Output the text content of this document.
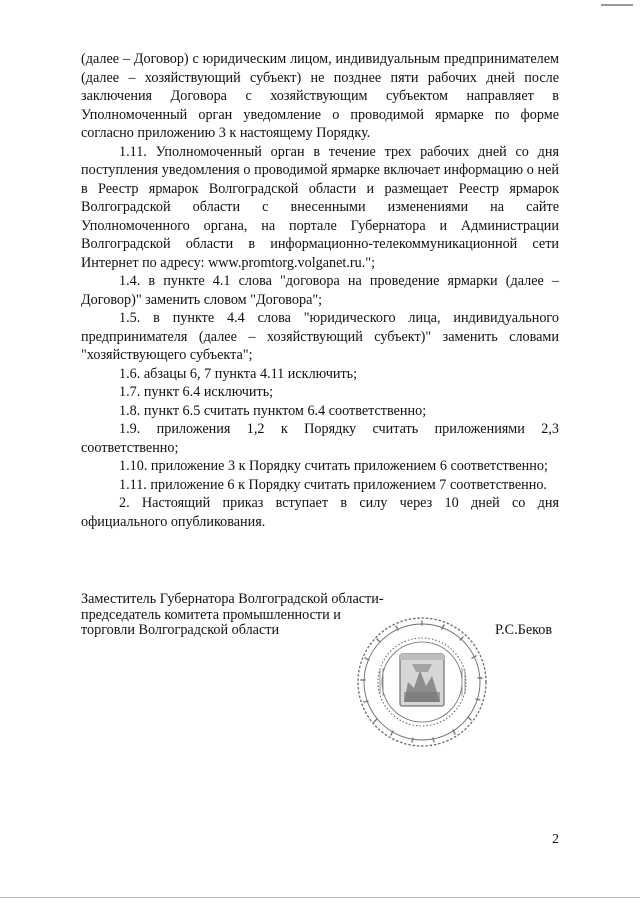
(далее – Договор) с юридическим лицом, индивидуальным предпринимателем (далее – хозяйствующий субъект) не позднее пяти рабочих дней после заключения Договора с хозяйствующим субъектом направляет в Уполномоченный орган уведомление о проводимой ярмарке по форме согласно приложению 3 к настоящему Порядку.

1.11. Уполномоченный орган в течение трех рабочих дней со дня поступления уведомления о проводимой ярмарке включает информацию о ней в Реестр ярмарок Волгоградской области и размещает Реестр ярмарок Волгоградской области с внесенными изменениями на сайте Уполномоченного органа, на портале Губернатора и Администрации Волгоградской области в информационно-телекоммуникационной сети Интернет по адресу: www.promtorg.volganet.ru.";

1.4. в пункте 4.1 слова "договора на проведение ярмарки (далее – Договор)" заменить словом "Договора";

1.5. в пункте 4.4 слова "юридического лица, индивидуального предпринимателя (далее – хозяйствующий субъект)" заменить словами "хозяйствующего субъекта";

1.6. абзацы 6, 7 пункта 4.11 исключить;

1.7. пункт 6.4 исключить;

1.8. пункт 6.5 считать пунктом 6.4 соответственно;

1.9. приложения 1,2 к Порядку считать приложениями 2,3 соответственно;

1.10. приложение 3 к Порядку считать приложением 6 соответственно;

1.11. приложение 6 к Порядку считать приложением 7 соответственно.

2. Настоящий приказ вступает в силу через 10 дней со дня официального опубликования.

Заместитель Губернатора Волгоградской области-
председатель комитета промышленности и
торговли Волгоградской области	Р.С.Беков
2
